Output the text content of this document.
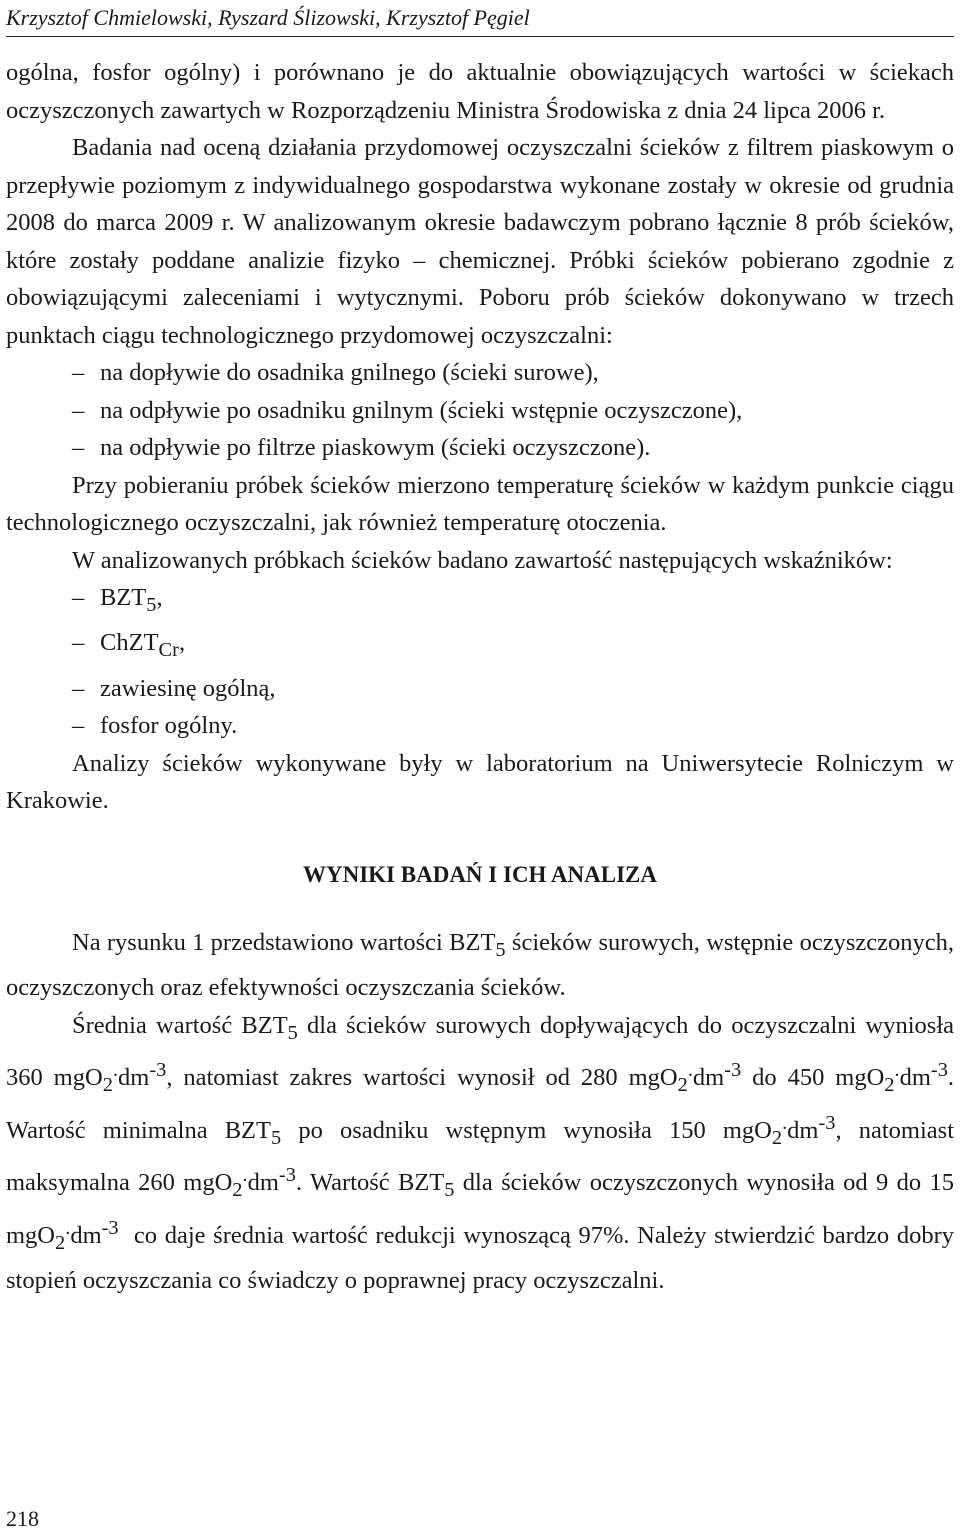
Krzysztof Chmielowski, Ryszard Ślizowski, Krzysztof Pęgiel

ogólna, fosfor ogólny) i porównano je do aktualnie obowiązujących wartości w ściekach oczyszczonych zawartych w Rozporządzeniu Ministra Środowiska z dnia 24 lipca 2006 r.

Badania nad oceną działania przydomowej oczyszczalni ścieków z filtrem piaskowym o przepływie poziomym z indywidualnego gospodarstwa wykonane zostały w okresie od grudnia 2008 do marca 2009 r. W analizowanym okresie badawczym pobrano łącznie 8 prób ścieków, które zostały poddane analizie fizyko – chemicznej. Próbki ścieków pobierano zgodnie z obowiązującymi zaleceniami i wytycznymi. Poboru prób ścieków dokonywano w trzech punktach ciągu technologicznego przydomowej oczyszczalni:

– na dopływie do osadnika gnilnego (ścieki surowe),

– na odpływie po osadniku gnilnym (ścieki wstępnie oczyszczone),

– na odpływie po filtrze piaskowym (ścieki oczyszczone).

Przy pobieraniu próbek ścieków mierzono temperaturę ścieków w każdym punkcie ciągu technologicznego oczyszczalni, jak również temperaturę otoczenia.

W analizowanych próbkach ścieków badano zawartość następujących wskaźników:

– $BZT_5$,

– ChZT$_{Cr}$,

– zawiesinę ogólną,

– fosfor ogólny.

Analizy ścieków wykonywane były w laboratorium na Uniwersytecie Rolniczym w Krakowie.

WYNIKI BADAŃ I ICH ANALIZA

Na rysunku 1 przedstawiono wartości $BZT_5$ ścieków surowych, wstępnie oczyszczonych, oczyszczonych oraz efektywności oczyszczania ścieków.

Średnia wartość $BZT_5$ dla ścieków surowych dopływających do oczyszczalni wyniosła 360 $mgO_2^.dm^{-3}$, natomiast zakres wartości wynosił od 280 $mgO_2^.dm^{-3}$ do 450 $mgO_2^.dm^{-3}$. Wartość minimalna $BZT_5$ po osadniku wstępnym wynosiła 150 $mgO_2^.dm^{-3}$, natomiast maksymalna 260 $mgO_2^.dm^{-3}$. Wartość $BZT_5$ dla ścieków oczyszczonych wynosiła od 9 do 15 $mgO_2^.dm^{-3}$  co daje średnia wartość redukcji wynoszącą 97%. Należy stwierdzić bardzo dobry stopień oczyszczania co świadczy o poprawnej pracy oczyszczalni.

218
